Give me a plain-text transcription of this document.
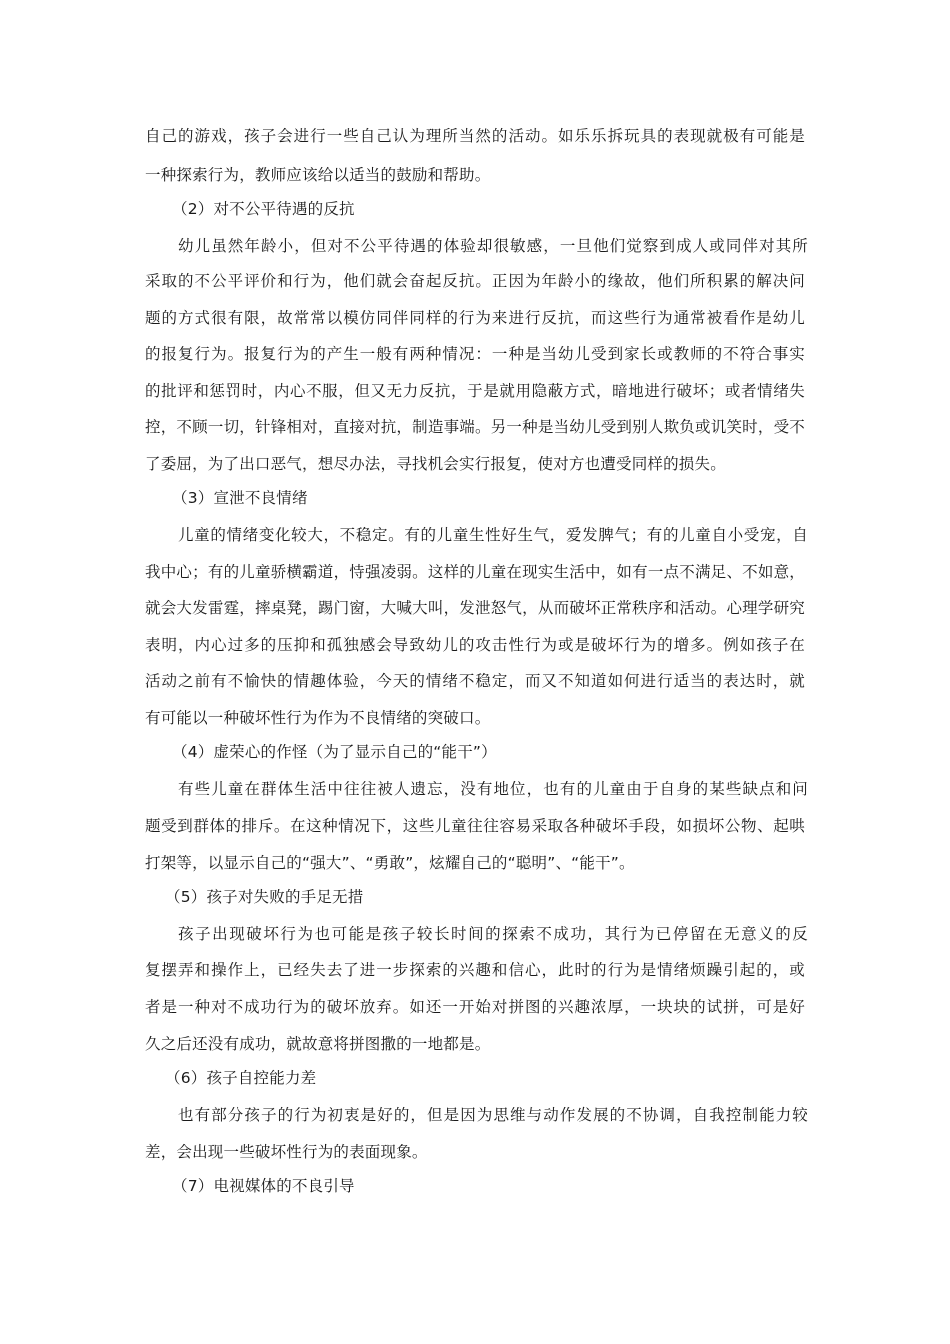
自己的游戏，孩子会进行一些自己认为理所当然的活动。如乐乐拆玩具的表现就极有可能是
一种探索行为，教师应该给以适当的鼓励和帮助。
（2）对不公平待遇的反抗
幼儿虽然年龄小，但对不公平待遇的体验却很敏感，一旦他们觉察到成人或同伴对其所
采取的不公平评价和行为，他们就会奋起反抗。正因为年龄小的缘故，他们所积累的解决问
题的方式很有限，故常常以模仿同伴同样的行为来进行反抗，而这些行为通常被看作是幼儿
的报复行为。报复行为的产生一般有两种情况：一种是当幼儿受到家长或教师的不符合事实
的批评和惩罚时，内心不服，但又无力反抗，于是就用隐蔽方式，暗地进行破坏；或者情绪失
控，不顾一切，针锋相对，直接对抗，制造事端。另一种是当幼儿受到别人欺负或讥笑时，受不
了委屈，为了出口恶气，想尽办法，寻找机会实行报复，使对方也遭受同样的损失。
（3）宣泄不良情绪
儿童的情绪变化较大，不稳定。有的儿童生性好生气，爱发脾气；有的儿童自小受宠，自
我中心；有的儿童骄横霸道，恃强凌弱。这样的儿童在现实生活中，如有一点不满足、不如意，
就会大发雷霆，摔桌凳，踢门窗，大喊大叫，发泄怒气，从而破坏正常秩序和活动。心理学研究
表明，内心过多的压抑和孤独感会导致幼儿的攻击性行为或是破坏行为的增多。例如孩子在
活动之前有不愉快的情趣体验，今天的情绪不稳定，而又不知道如何进行适当的表达时，就
有可能以一种破坏性行为作为不良情绪的突破口。
（4）虚荣心的作怪（为了显示自己的“能干”）
有些儿童在群体生活中往往被人遗忘，没有地位，也有的儿童由于自身的某些缺点和问
题受到群体的排斥。在这种情况下，这些儿童往往容易采取各种破坏手段，如损坏公物、起哄
打架等，以显示自己的“强大”、“勇敢”，炫耀自己的“聪明”、“能干”。
（5）孩子对失败的手足无措
孩子出现破坏行为也可能是孩子较长时间的探索不成功，其行为已停留在无意义的反
复摆弄和操作上，已经失去了进一步探索的兴趣和信心，此时的行为是情绪烦躁引起的，或
者是一种对不成功行为的破坏放弃。如还一开始对拼图的兴趣浓厚，一块块的试拼，可是好
久之后还没有成功，就故意将拼图撒的一地都是。
（6）孩子自控能力差
也有部分孩子的行为初衷是好的，但是因为思维与动作发展的不协调，自我控制能力较
差，会出现一些破坏性行为的表面现象。
（7）电视媒体的不良引导
